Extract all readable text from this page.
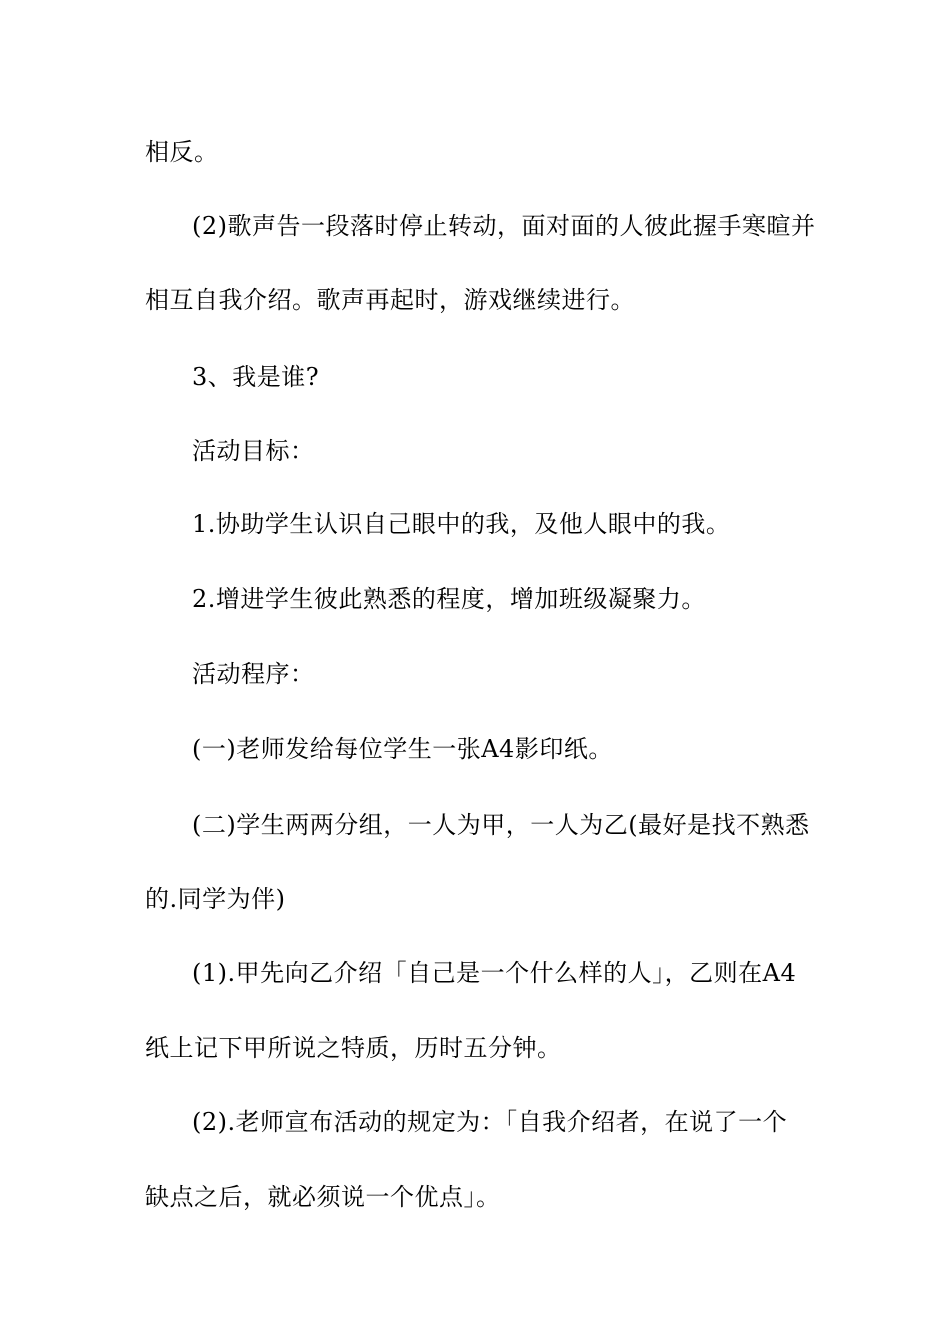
相反。
(2)歌声告一段落时停止转动，面对面的人彼此握手寒暄并
相互自我介绍。歌声再起时，游戏继续进行。
3、我是谁?
活动目标：
1.协助学生认识自己眼中的我，及他人眼中的我。
2.增进学生彼此熟悉的程度，增加班级凝聚力。
活动程序：
(一)老师发给每位学生一张A4影印纸。
(二)学生两两分组，一人为甲，一人为乙(最好是找不熟悉
的.同学为伴)
(1).甲先向乙介绍「自己是一个什么样的人」，乙则在A4
纸上记下甲所说之特质，历时五分钟。
(2).老师宣布活动的规定为：「自我介绍者，在说了一个
缺点之后，就必须说一个优点」。
